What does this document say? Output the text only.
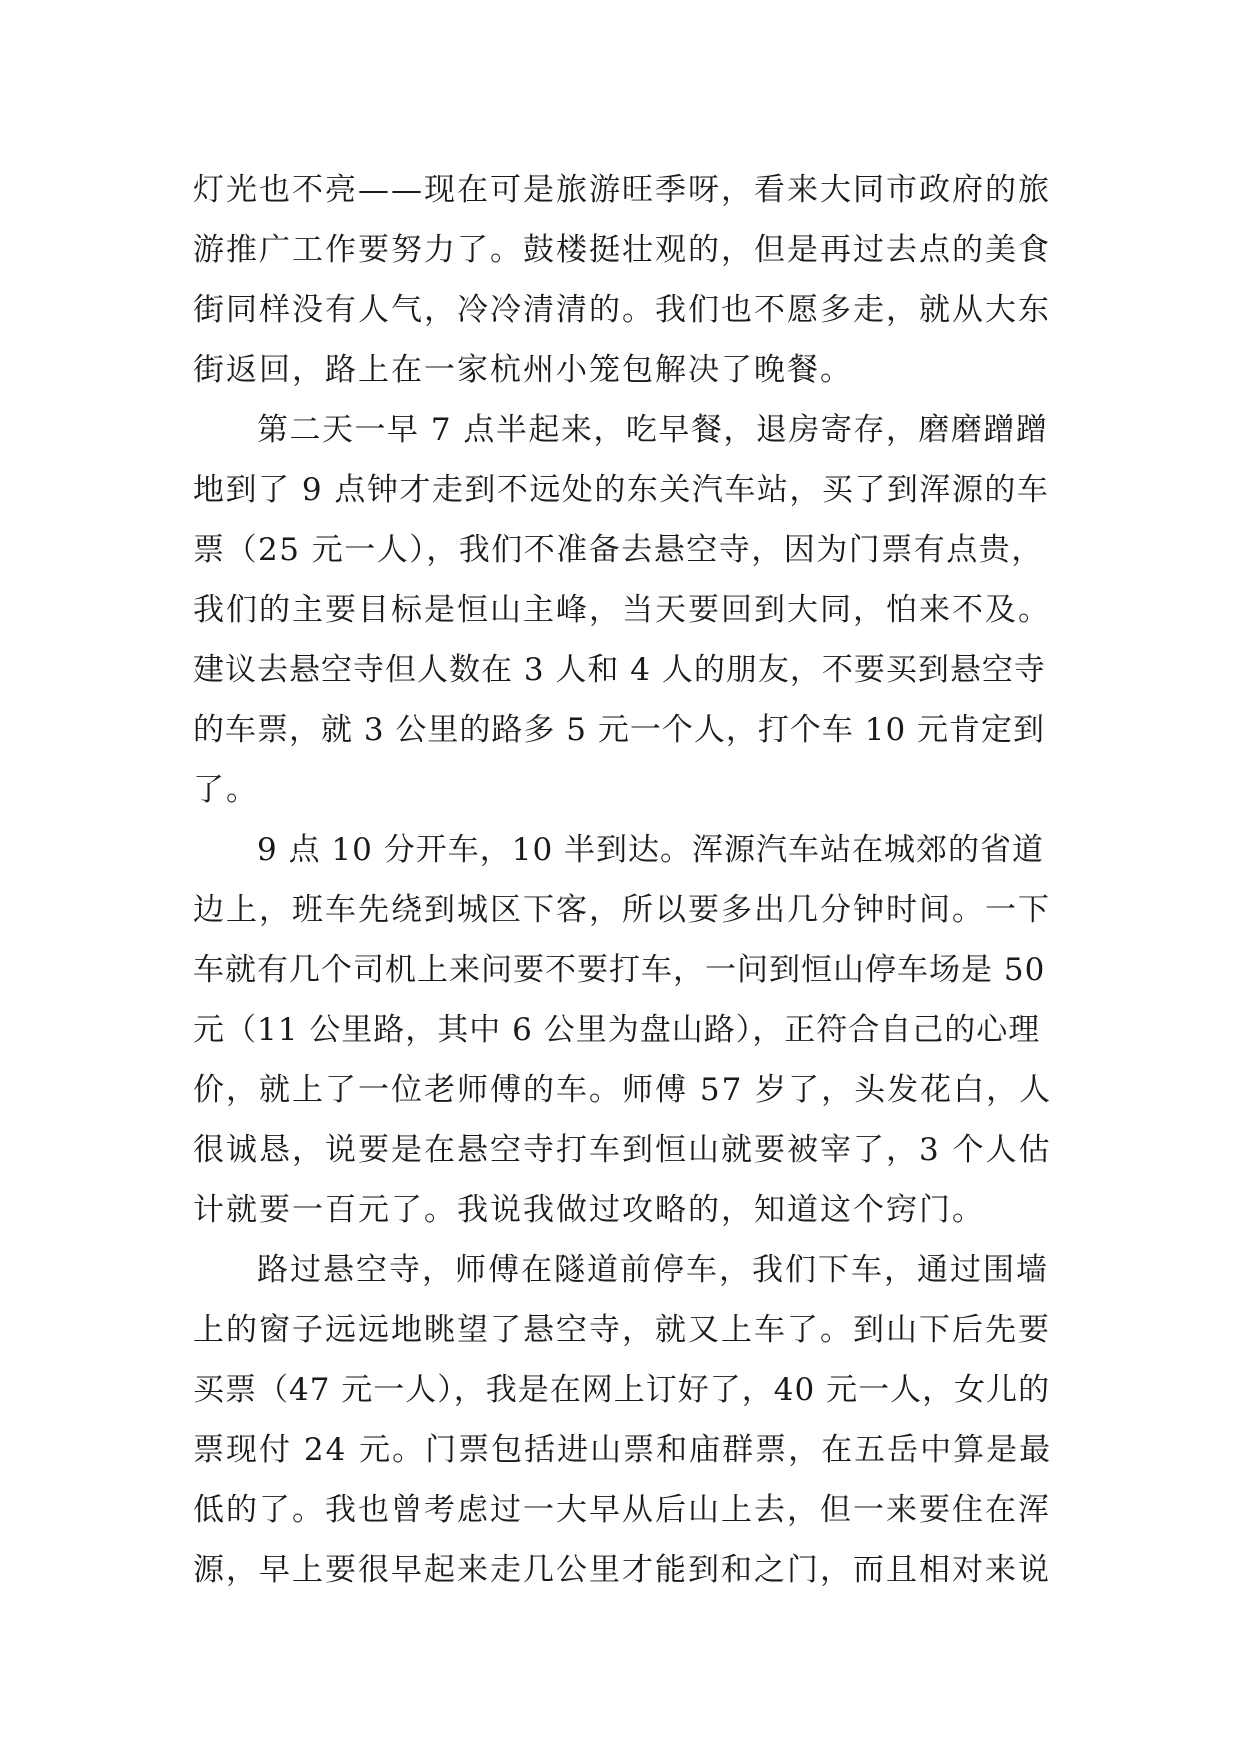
灯光也不亮——现在可是旅游旺季呀，看来大同市政府的旅
游推广工作要努力了。鼓楼挺壮观的，但是再过去点的美食
街同样没有人气，冷冷清清的。我们也不愿多走，就从大东
街返回，路上在一家杭州小笼包解决了晚餐。
第二天一早 7 点半起来，吃早餐，退房寄存，磨磨蹭蹭
地到了 9 点钟才走到不远处的东关汽车站，买了到浑源的车
票（25 元一人），我们不准备去悬空寺，因为门票有点贵，
我们的主要目标是恒山主峰，当天要回到大同，怕来不及。
建议去悬空寺但人数在 3 人和 4 人的朋友，不要买到悬空寺
的车票，就 3 公里的路多 5 元一个人，打个车 10 元肯定到
了。
9 点 10 分开车，10 半到达。浑源汽车站在城郊的省道
边上，班车先绕到城区下客，所以要多出几分钟时间。一下
车就有几个司机上来问要不要打车，一问到恒山停车场是 50
元（11 公里路，其中 6 公里为盘山路），正符合自己的心理
价，就上了一位老师傅的车。师傅 57 岁了，头发花白，人
很诚恳，说要是在悬空寺打车到恒山就要被宰了，3 个人估
计就要一百元了。我说我做过攻略的，知道这个窍门。
路过悬空寺，师傅在隧道前停车，我们下车，通过围墙
上的窗子远远地眺望了悬空寺，就又上车了。到山下后先要
买票（47 元一人），我是在网上订好了，40 元一人，女儿的
票现付 24 元。门票包括进山票和庙群票，在五岳中算是最
低的了。我也曾考虑过一大早从后山上去，但一来要住在浑
源，早上要很早起来走几公里才能到和之门，而且相对来说
